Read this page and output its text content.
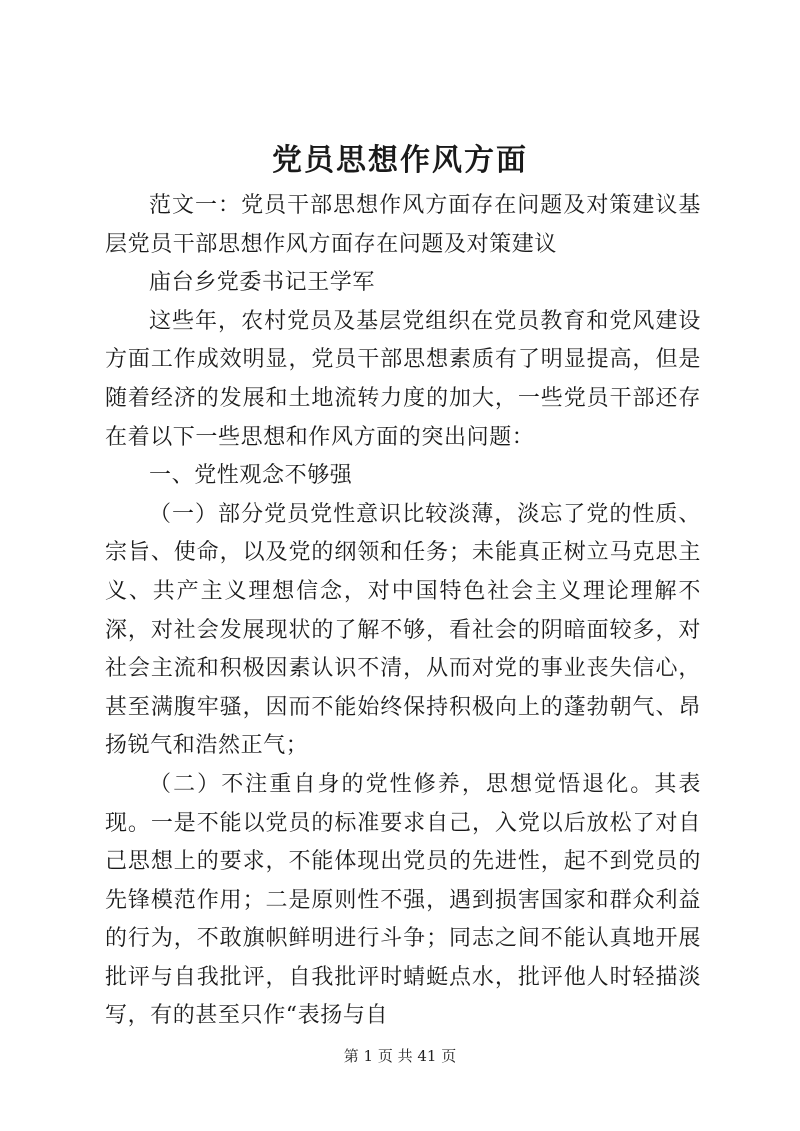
党员思想作风方面

范文一：党员干部思想作风方面存在问题及对策建议基层党员干部思想作风方面存在问题及对策建议

庙台乡党委书记王学军

这些年，农村党员及基层党组织在党员教育和党风建设方面工作成效明显，党员干部思想素质有了明显提高，但是随着经济的发展和土地流转力度的加大，一些党员干部还存在着以下一些思想和作风方面的突出问题：

一、党性观念不够强

（一）部分党员党性意识比较淡薄，淡忘了党的性质、宗旨、使命，以及党的纲领和任务；未能真正树立马克思主义、共产主义理想信念，对中国特色社会主义理论理解不深，对社会发展现状的了解不够，看社会的阴暗面较多，对社会主流和积极因素认识不清，从而对党的事业丧失信心，甚至满腹牢骚，因而不能始终保持积极向上的蓬勃朝气、昂扬锐气和浩然正气；

（二）不注重自身的党性修养，思想觉悟退化。其表现。一是不能以党员的标准要求自己，入党以后放松了对自己思想上的要求，不能体现出党员的先进性，起不到党员的先锋模范作用；二是原则性不强，遇到损害国家和群众利益的行为，不敢旗帜鲜明进行斗争；同志之间不能认真地开展批评与自我批评，自我批评时蜻蜓点水，批评他人时轻描淡写，有的甚至只作“表扬与自

第 1 页 共 41 页
